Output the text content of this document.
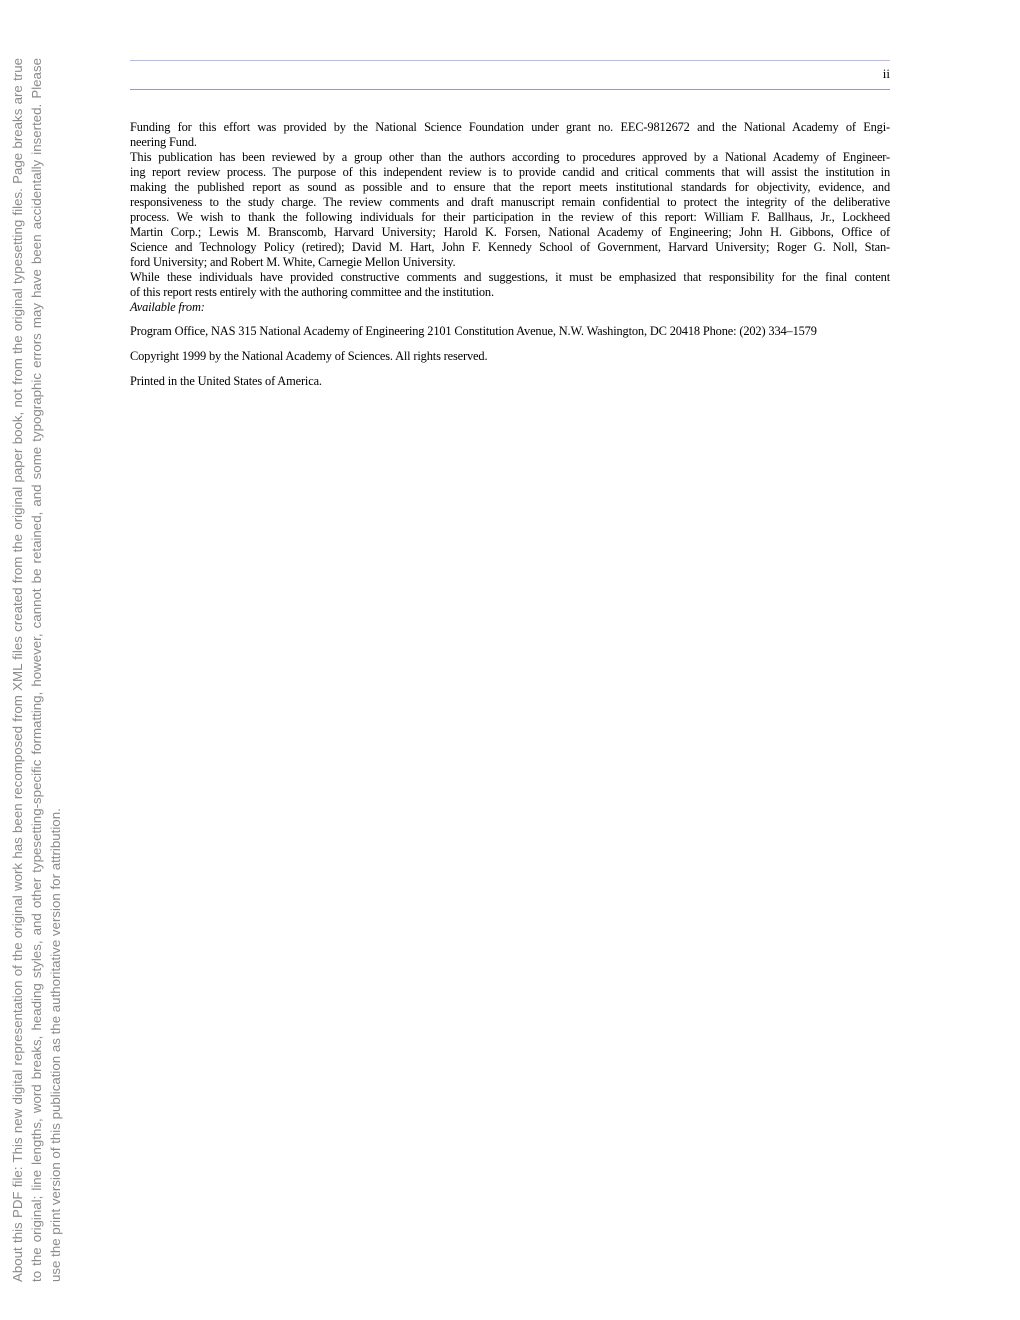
About this PDF file: This new digital representation of the original work has been recomposed from XML files created from the original paper book, not from the original typesetting files. Page breaks are true to the original; line lengths, word breaks, heading styles, and other typesetting-specific formatting, however, cannot be retained, and some typographic errors may have been accidentally inserted. Please use the print version of this publication as the authoritative version for attribution.
ii
Funding for this effort was provided by the National Science Foundation under grant no. EEC-9812672 and the National Academy of Engi-
neering Fund.
This publication has been reviewed by a group other than the authors according to procedures approved by a National Academy of Engineer-
ing report review process. The purpose of this independent review is to provide candid and critical comments that will assist the institution in
making the published report as sound as possible and to ensure that the report meets institutional standards for objectivity, evidence, and
responsiveness to the study charge. The review comments and draft manuscript remain confidential to protect the integrity of the deliberative
process. We wish to thank the following individuals for their participation in the review of this report: William F. Ballhaus, Jr., Lockheed
Martin Corp.; Lewis M. Branscomb, Harvard University; Harold K. Forsen, National Academy of Engineering; John H. Gibbons, Office of
Science and Technology Policy (retired); David M. Hart, John F. Kennedy School of Government, Harvard University; Roger G. Noll, Stan-
ford University; and Robert M. White, Carnegie Mellon University.
While these individuals have provided constructive comments and suggestions, it must be emphasized that responsibility for the final content
of this report rests entirely with the authoring committee and the institution.
Available from:
Program Office, NAS 315 National Academy of Engineering 2101 Constitution Avenue, N.W. Washington, DC 20418 Phone: (202) 334–1579
Copyright 1999 by the National Academy of Sciences. All rights reserved.
Printed in the United States of America.
